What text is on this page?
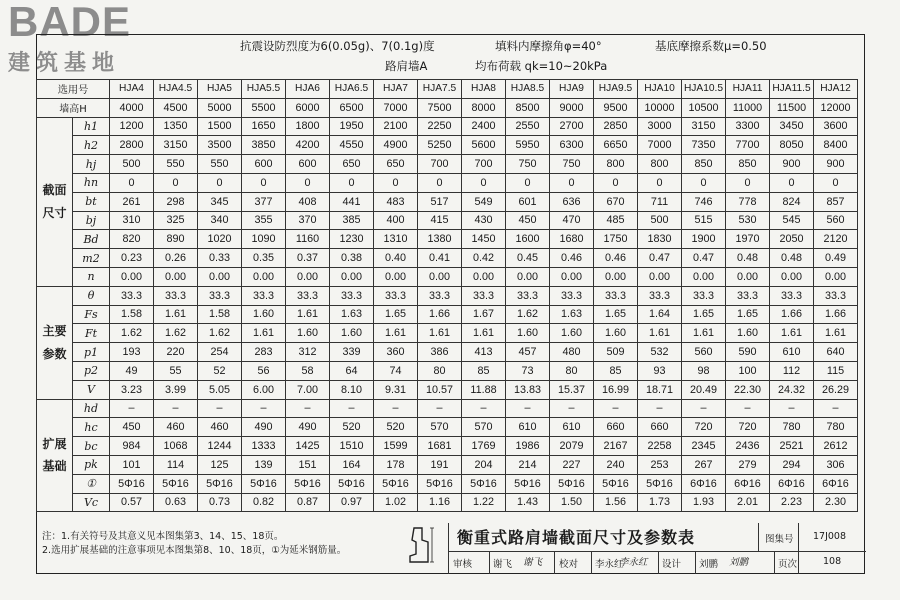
BADE
建筑基地
抗震设防烈度为6(0.05g)、7(0.1g)度	填料内摩擦角φ=40°	基底摩擦系数μ=0.50
路肩墙A	均布荷载 qk=10~20kPa
选用号		HJA4	HJA4.5	HJA5	HJA5.5	HJA6	HJA6.5	HJA7	HJA7.5	HJA8	HJA8.5	HJA9	HJA9.5	HJA10	HJA10.5	HJA11	HJA11.5	HJA12
墙高H		4000	4500	5000	5500	6000	6500	7000	7500	8000	8500	9000	9500	10000	10500	11000	11500	12000
截面尺寸	h1	1200	1350	1500	1650	1800	1950	2100	2250	2400	2550	2700	2850	3000	3150	3300	3450	3600
	h2	2800	3150	3500	3850	4200	4550	4900	5250	5600	5950	6300	6650	7000	7350	7700	8050	8400
	hj	500	550	550	600	600	650	650	700	700	750	750	800	800	850	850	900	900
	hn	0	0	0	0	0	0	0	0	0	0	0	0	0	0	0	0	0
	bt	261	298	345	377	408	441	483	517	549	601	636	670	711	746	778	824	857
	bj	310	325	340	355	370	385	400	415	430	450	470	485	500	515	530	545	560
	Bd	820	890	1020	1090	1160	1230	1310	1380	1450	1600	1680	1750	1830	1900	1970	2050	2120
	m2	0.23	0.26	0.33	0.35	0.37	0.38	0.40	0.41	0.42	0.45	0.46	0.46	0.47	0.47	0.48	0.48	0.49
	n	0.00	0.00	0.00	0.00	0.00	0.00	0.00	0.00	0.00	0.00	0.00	0.00	0.00	0.00	0.00	0.00	0.00
主要参数	θ	33.3	33.3	33.3	33.3	33.3	33.3	33.3	33.3	33.3	33.3	33.3	33.3	33.3	33.3	33.3	33.3	33.3
	Fs	1.58	1.61	1.58	1.60	1.61	1.63	1.65	1.66	1.67	1.62	1.63	1.65	1.64	1.65	1.65	1.66	1.66
	Ft	1.62	1.62	1.62	1.61	1.60	1.60	1.61	1.61	1.61	1.60	1.60	1.60	1.61	1.61	1.60	1.61	1.61
	p1	193	220	254	283	312	339	360	386	413	457	480	509	532	560	590	610	640
	p2	49	55	52	56	58	64	74	80	85	73	80	85	93	98	100	112	115
	V	3.23	3.99	5.05	6.00	7.00	8.10	9.31	10.57	11.88	13.83	15.37	16.99	18.71	20.49	22.30	24.32	26.29
扩展基础	hd	–	–	–	–	–	–	–	–	–	–	–	–	–	–	–	–	–
	hc	450	460	460	490	490	520	520	570	570	610	610	660	660	720	720	780	780
	bc	984	1068	1244	1333	1425	1510	1599	1681	1769	1986	2079	2167	2258	2345	2436	2521	2612
	pk	101	114	125	139	151	164	178	191	204	214	227	240	253	267	279	294	306
	①	5Φ16	5Φ16	5Φ16	5Φ16	5Φ16	5Φ16	5Φ16	5Φ16	5Φ16	5Φ16	5Φ16	5Φ16	5Φ16	6Φ16	6Φ16	6Φ16	6Φ16
	Vc	0.57	0.63	0.73	0.82	0.87	0.97	1.02	1.16	1.22	1.43	1.50	1.56	1.73	1.93	2.01	2.23	2.30
注：1.有关符号及其意义见本图集第3、14、15、18页。
2.选用扩展基础的注意事项见本图集第8、10、18页，①为延米钢筋量。
衡重式路肩墙截面尺寸及参数表	图集号 17J008
审核 谢飞 谢飞 校对 李永红
李永红 设计 刘鹏 刘鹏	页次	108
